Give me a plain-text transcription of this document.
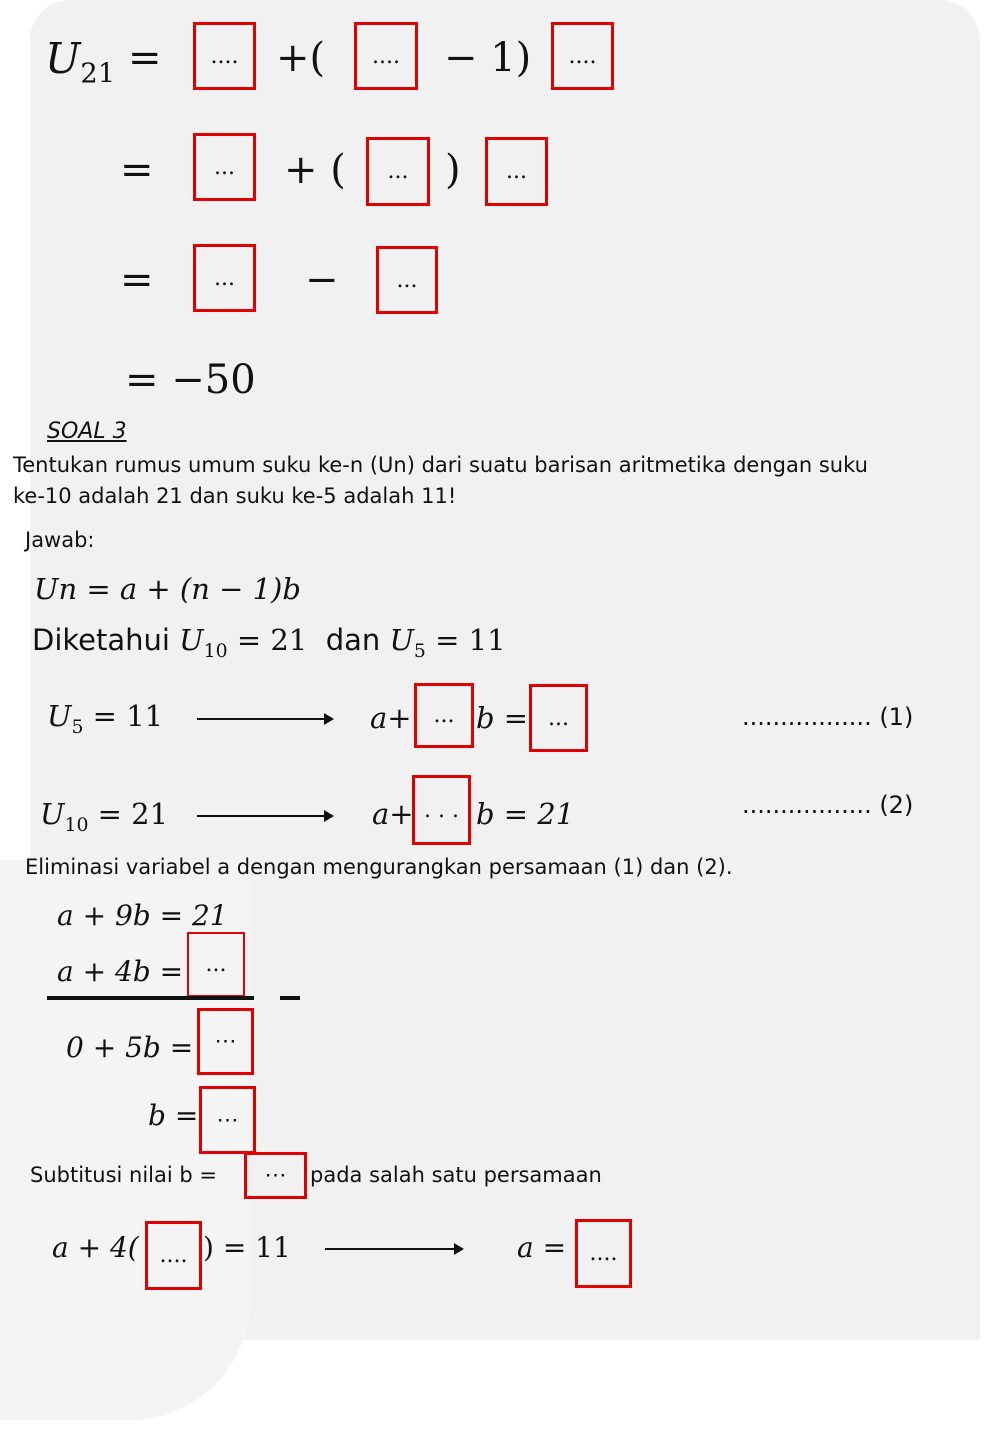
$U_{21}$ =	.... +(	....	− 1)	....
=	...	+ (	... )	...
=	...	−	...
= −50
SOAL 3
Tentukan rumus umum suku ke-n (Un) dari suatu barisan aritmetika dengan suku
ke-10 adalah 21 dan suku ke-5 adalah 11!
Jawab:
Un = a + (n − 1)b
Diketahui $U_{10} = 21$ dan $U_5 = 11$
$U_5 = 11$	a+ ... b = ...	................. (1)
$U_{10} = 21$	a+ . . . b = 21	................. (2)
Eliminasi variabel a dengan mengurangkan persamaan (1) dan (2).
a + 9b = 21
a + 4b =	...
0 + 5b = ⋯
b = ⋯
Subtitusi nilai b =	⋯	pada salah satu persamaan
a + 4( .... ) = 11	a =	....
